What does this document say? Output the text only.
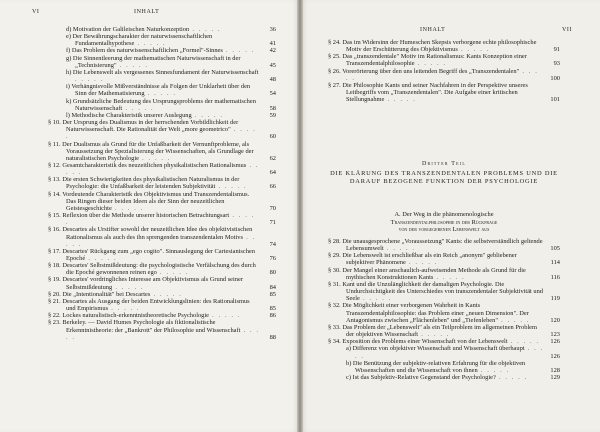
VI	INHALT
INHALT	VII
d) Motivation der Galileischen Naturkonzeption . . . . .	36
e) Der Bewährungscharakter der naturwissenschaftlichen Fundamentalhypothese . . . . .	41
f) Das Problem des naturwissenschaftlichen „Formel"-Sinnes . . . . . 42
g) Die Sinnentleerung der mathematischen Naturwissenschaft in der „Technisierung" . . . . .	45
h) Die Lebenswelt als vergessenes Sinnesfundament der Naturwissenschaft . . . . .	48
i) Verhängnisvolle Mißverständnisse als Folgen der Unklarheit über den Sinn der Mathematisierung . . . . .	54
k) Grundsätzliche Bedeutung des Ursprungsproblems der mathematischen Naturwissenschaft . . . . .	58
l) Methodische Charakteristik unserer Auslegung . . . . .	59
§ 10. Der Ursprung des Dualismus in der herrschenden Vorbildlichkeit der Naturwissenschaft. Die Rationalität der Welt „more geometrico" . . . . .	60
§ 11. Der Dualismus als Grund für die Unfaßbarkeit der Vernunftprobleme, als Voraussetzung der Spezialisierung der Wissenschaften, als Grundlage der naturalistischen Psychologie . . . . .	62
§ 12. Gesamtcharakteristik des neuzeitlichen physikalistischen Rationalismus . . . . .	64
§ 13. Die ersten Schwierigkeiten des physikalistischen Naturalismus in der Psychologie: die Unfaßbarkeit der leistenden Subjektivität . . . . .	66
§ 14. Vordeutende Charakteristik des Objektivismus und Transzendentalismus. Das Ringen dieser beiden Ideen als der Sinn der neuzeitlichen Geistesgeschichte . . . . .	70
§ 15. Reflexion über die Methode unserer historischen Betrachtungsart . . . . .	71
§ 16. Descartes als Urstifter sowohl der neuzeitlichen Idee des objektivistischen Rationalismus als auch des ihn sprengenden transzendentalen Motivs . . . . .	74
§ 17. Descartes' Rückgang zum „ego cogito". Sinnauslegung der Cartesianischen Epoché . . . . .	76
§ 18. Descartes' Selbstmißdeutung: die psychologistische Verfälschung des durch die Epoché gewonnenen reinen ego . . . . .	80
§ 19. Descartes' vordringliches Interesse am Objektivismus als Grund seiner Selbstmißdeutung . . . . .	84
§ 20. Die „Intentionalität" bei Descartes . . . . .	85
§ 21. Descartes als Ausgang der beiden Entwicklungslinien: des Rationalismus und Empirismus . . . . .	85
§ 22. Lockes naturalistisch-erkenntnistheoretische Psychologie . . . . .	86
§ 23. Berkeley. — David Humes Psychologie als fiktionalistische Erkenntnistheorie: der „Bankrott" der Philosophie und Wissenschaft . . . . .	88
§ 24. Das im Widersinn der Humeschen Skepsis verborgene echte philosophische Motiv der Erschütterung des Objektivismus . . . . .	91
§ 25. Das „transzendentale" Motiv im Rationalismus: Kants Konzeption einer Transzendentalphilosophie . . . . .	93
§ 26. Vorerörterung über den uns leitenden Begriff des „Transzendentalen" . . . . .	100
§ 27. Die Philosophie Kants und seiner Nachfahren in der Perspektive unseres Leitbegriffs vom „Transzendentalen". Die Aufgabe einer kritischen Stellungnahme . . . . .	101
Dritter Teil
DIE KLÄRUNG DES TRANSZENDENTALEN PROBLEMS UND DIE DARAUF BEZOGENE FUNKTION DER PSYCHOLOGIE
A. Der Weg in die phänomenologische
Transzendentalphilosophie in der Rückfrage
von der vorgegebenen Lebenswelt aus
§ 28. Die unausgesprochene „Voraussetzung" Kants: die selbstverständlich geltende Lebensumwelt . . . . .	105
§ 29. Die Lebenswelt ist erschließbar als ein Reich „anonym" gebliebener subjektiver Phänomene . . . . .	114
§ 30. Der Mangel einer anschaulich-aufweisenden Methode als Grund für die mythischen Konstruktionen Kants . . . . .	116
§ 31. Kant und die Unzulänglichkeit der damaligen Psychologie. Die Undurchsichtigkeit des Unterschiedes von transzendentaler Subjektivität und Seele . . . . .	119
§ 32. Die Möglichkeit einer verborgenen Wahrheit in Kants Transzendentalphilosophie: das Problem einer „neuen Dimension". Der Antagonismus zwischen „Flächenleben" und „Tiefenleben" . . . . .	120
§ 33. Das Problem der „Lebenswelt" als ein Teilproblem im allgemeinen Problem der objektiven Wissenschaft . . . . .	123
§ 34. Exposition des Problems einer Wissenschaft von der Lebenswelt . . . . . 126
a) Differenz von objektiver Wissenschaft und Wissenschaft überhaupt . . . . .	126
b) Die Benützung der subjektiv-relativen Erfahrung für die objektiven Wissenschaften und die Wissenschaft von ihnen . . . . .	128
c) Ist das Subjektiv-Relative Gegenstand der Psychologie? . . . . .	129
